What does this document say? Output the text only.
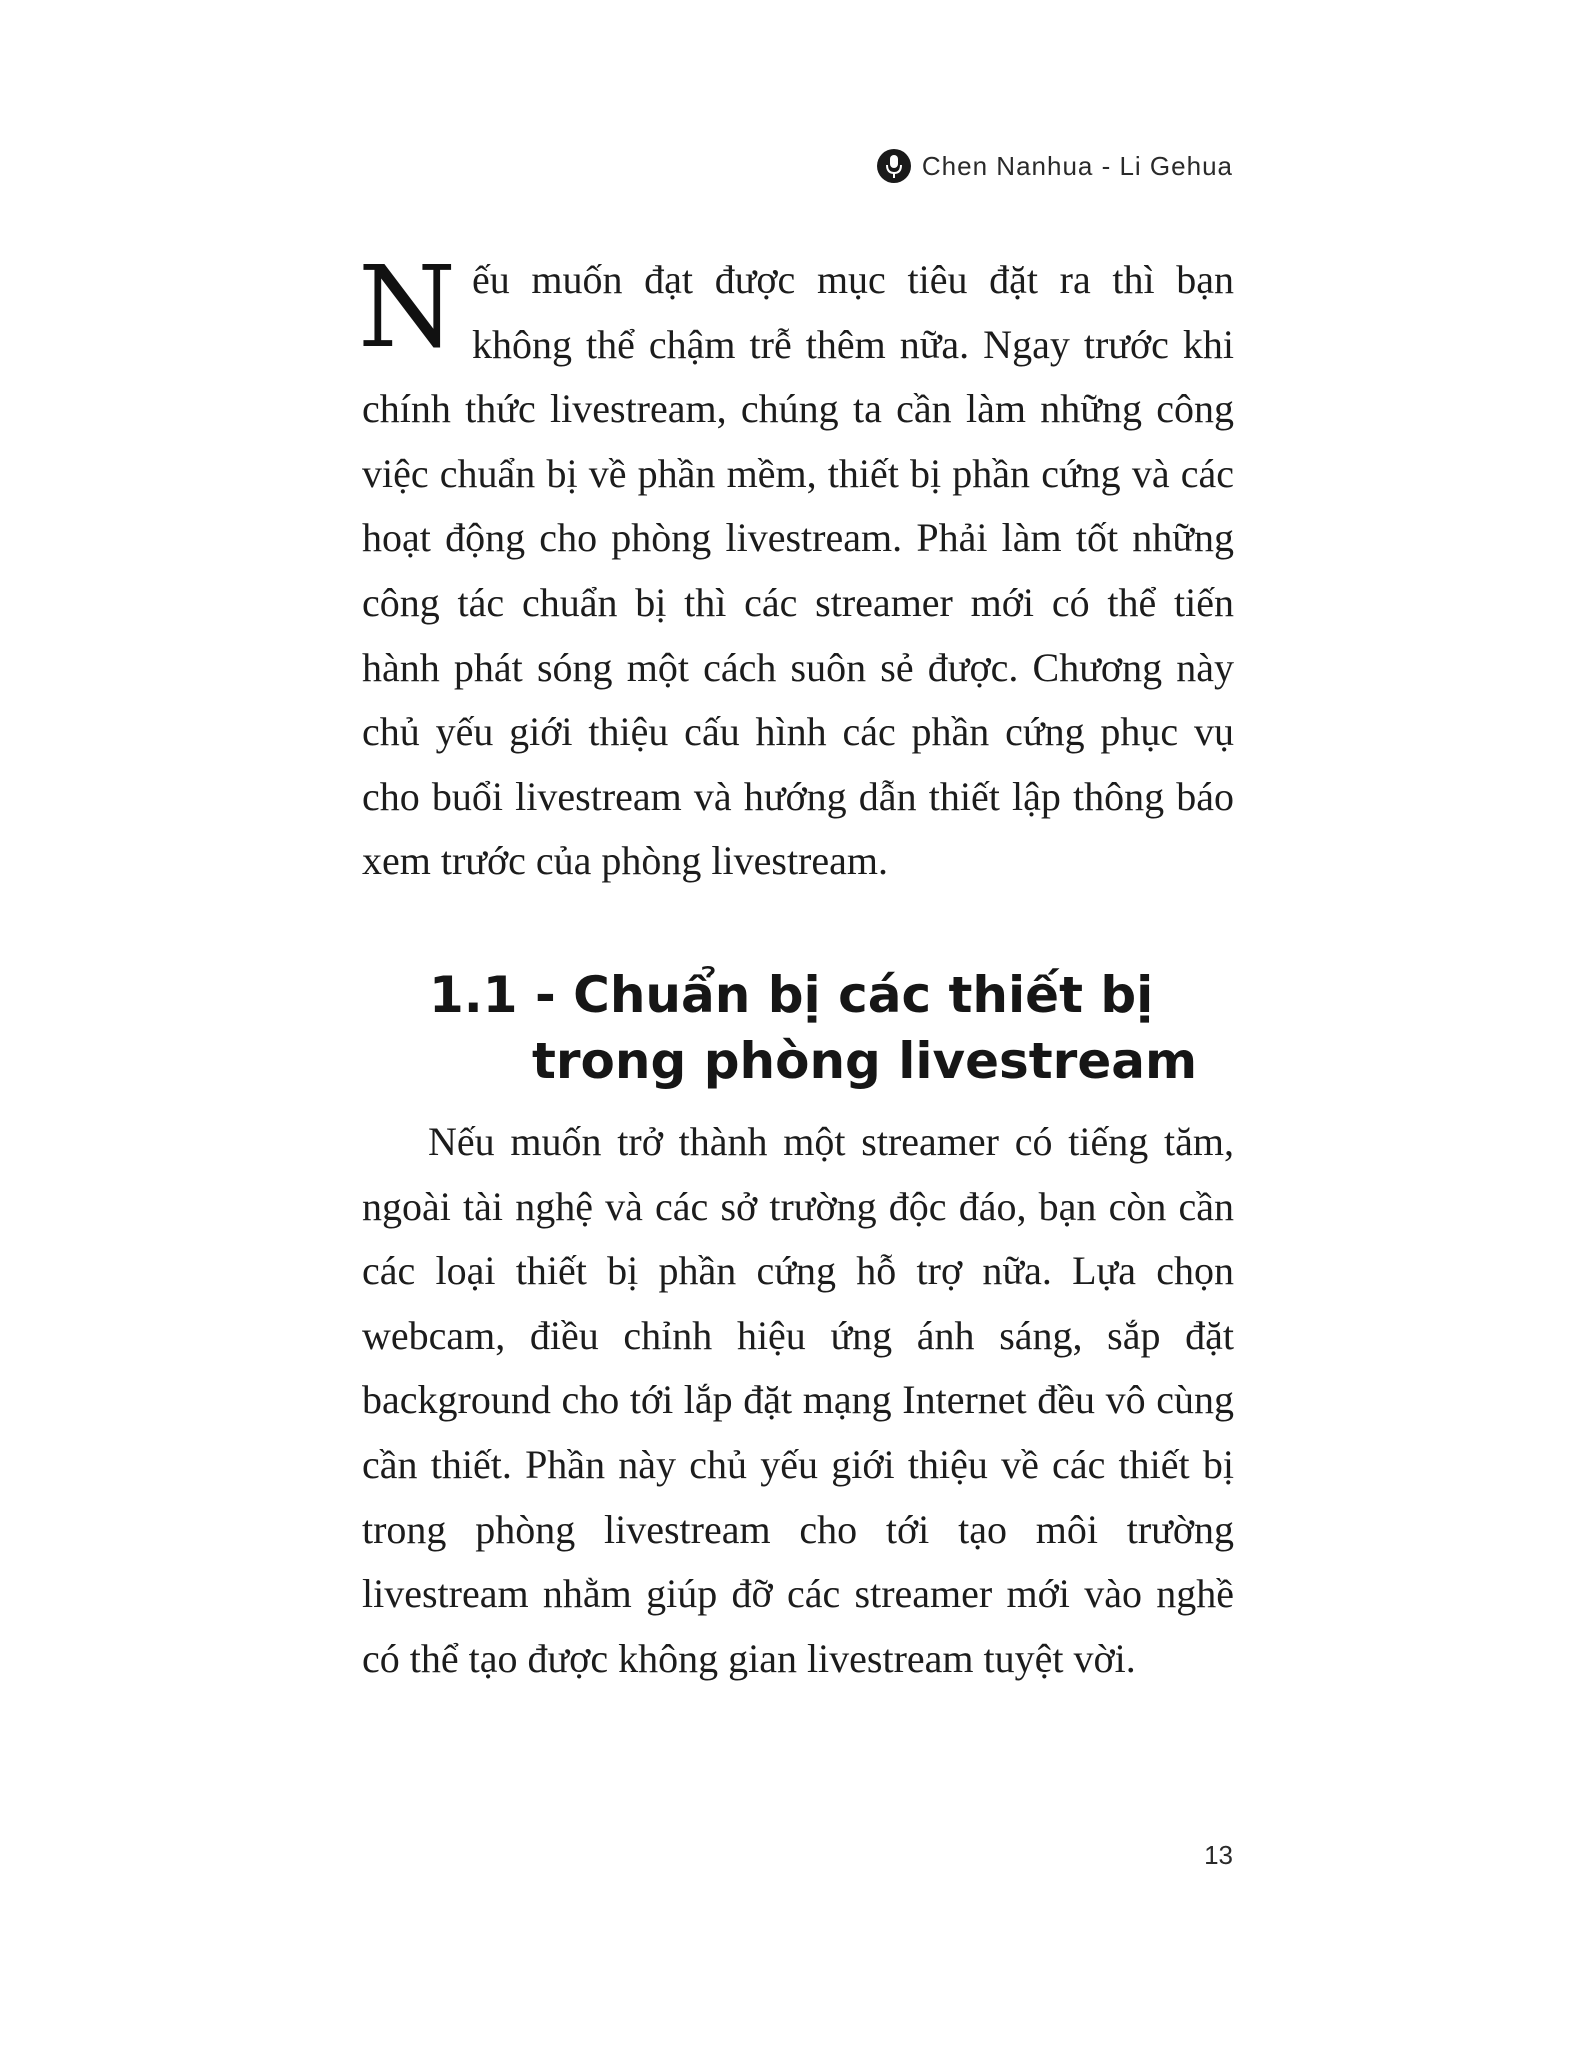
Chen Nanhua - Li Gehua

Nếu muốn đạt được mục tiêu đặt ra thì bạn không thể chậm trễ thêm nữa. Ngay trước khi chính thức livestream, chúng ta cần làm những công việc chuẩn bị về phần mềm, thiết bị phần cứng và các hoạt động cho phòng livestream. Phải làm tốt những công tác chuẩn bị thì các streamer mới có thể tiến hành phát sóng một cách suôn sẻ được. Chương này chủ yếu giới thiệu cấu hình các phần cứng phục vụ cho buổi livestream và hướng dẫn thiết lập thông báo xem trước của phòng livestream.

1.1 - Chuẩn bị các thiết bị
trong phòng livestream

Nếu muốn trở thành một streamer có tiếng tăm, ngoài tài nghệ và các sở trường độc đáo, bạn còn cần các loại thiết bị phần cứng hỗ trợ nữa. Lựa chọn webcam, điều chỉnh hiệu ứng ánh sáng, sắp đặt background cho tới lắp đặt mạng Internet đều vô cùng cần thiết. Phần này chủ yếu giới thiệu về các thiết bị trong phòng livestream cho tới tạo môi trường livestream nhằm giúp đỡ các streamer mới vào nghề có thể tạo được không gian livestream tuyệt vời.

13
